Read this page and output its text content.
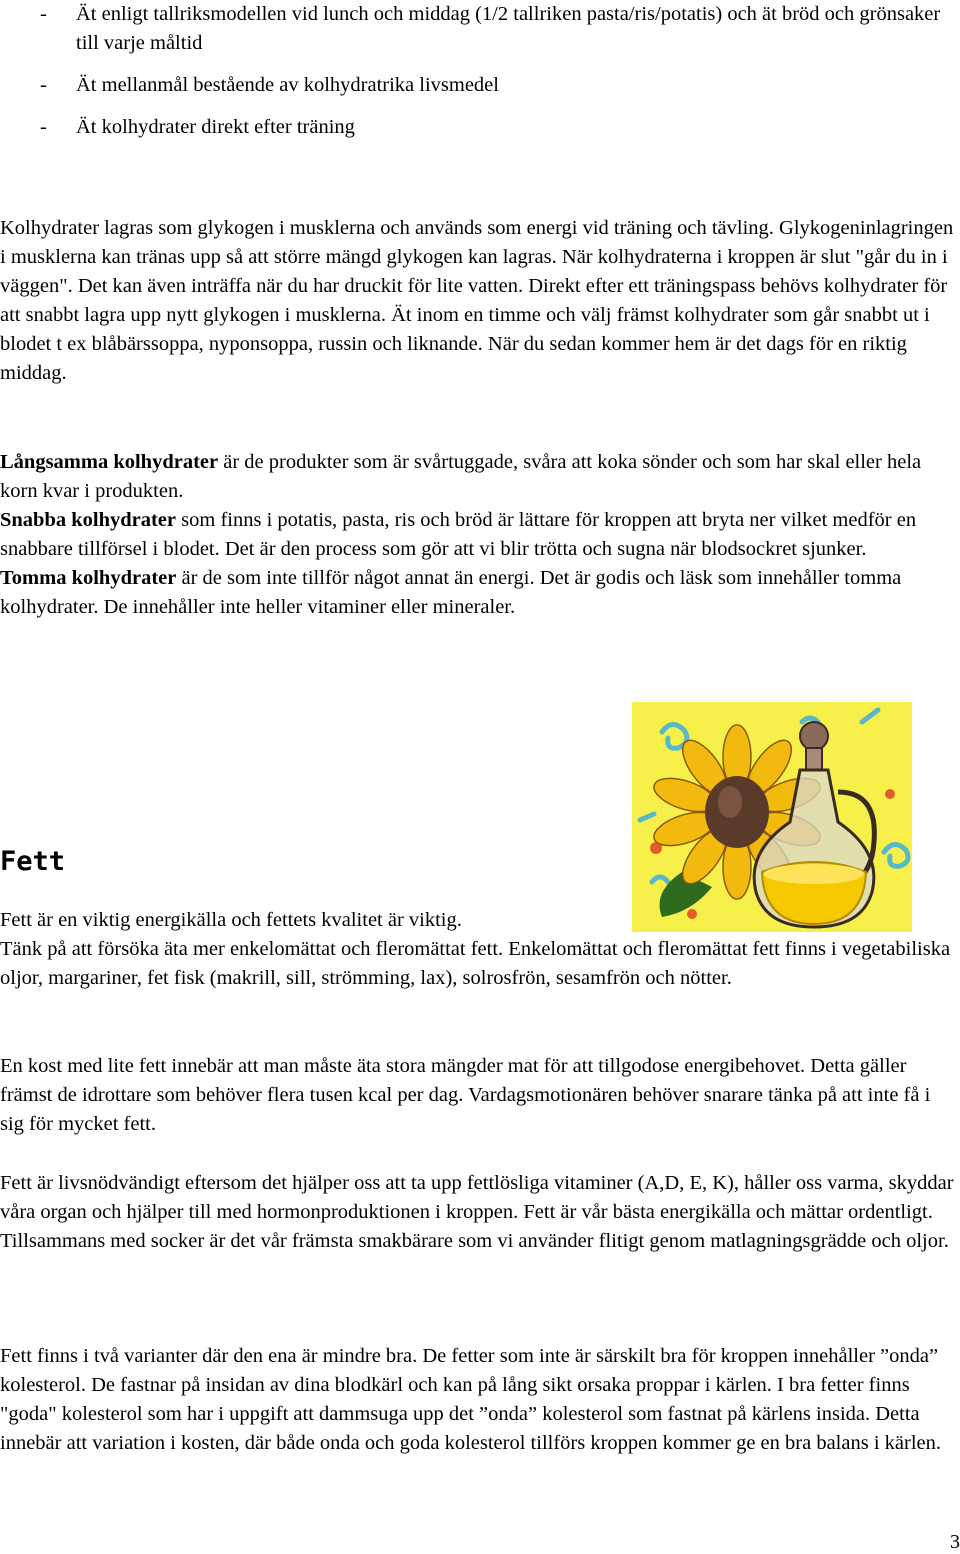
- Ät enligt tallriksmodellen vid lunch och middag (1/2 tallriken pasta/ris/potatis) och ät bröd och grönsaker till varje måltid
- Ät mellanmål bestående av kolhydratrika livsmedel
- Ät kolhydrater direkt efter träning

Kolhydrater lagras som glykogen i musklerna och används som energi vid träning och tävling. Glykogeninlagringen i musklerna kan tränas upp så att större mängd glykogen kan lagras. När kolhydraterna i kroppen är slut "går du in i väggen". Det kan även inträffa när du har druckit för lite vatten. Direkt efter ett träningspass behövs kolhydrater för att snabbt lagra upp nytt glykogen i musklerna. Ät inom en timme och välj främst kolhydrater som går snabbt ut i blodet t ex blåbärssoppa, nyponsoppa, russin och liknande. När du sedan kommer hem är det dags för en riktig middag.

Långsamma kolhydrater är de produkter som är svårtuggade, svåra att koka sönder och som har skal eller hela korn kvar i produkten.

Snabba kolhydrater som finns i potatis, pasta, ris och bröd är lättare för kroppen att bryta ner vilket medför en snabbare tillförsel i blodet. Det är den process som gör att vi blir trötta och sugna när blodsockret sjunker.

Tomma kolhydrater är de som inte tillför något annat än energi. Det är godis och läsk som innehåller tomma kolhydrater. De innehåller inte heller vitaminer eller mineraler.

Fett

Fett är en viktig energikälla och fettets kvalitet är viktig.

Tänk på att försöka äta mer enkelomättat och fleromättat fett. Enkelomättat och fleromättat fett finns i vegetabiliska oljor, margariner, fet fisk (makrill, sill, strömming, lax), solrosfrön, sesamfrön och nötter.

En kost med lite fett innebär att man måste äta stora mängder mat för att tillgodose energibehovet. Detta gäller främst de idrottare som behöver flera tusen kcal per dag. Vardagsmotionären behöver snarare tänka på att inte få i sig för mycket fett.

Fett är livsnödvändigt eftersom det hjälper oss att ta upp fettlösliga vitaminer (A,D, E, K), håller oss varma, skyddar våra organ och hjälper till med hormonproduktionen i kroppen. Fett är vår bästa energikälla och mättar ordentligt. Tillsammans med socker är det vår främsta smakbärare som vi använder flitigt genom matlagningsgrädde och oljor.

Fett finns i två varianter där den ena är mindre bra. De fetter som inte är särskilt bra för kroppen innehåller ”onda” kolesterol. De fastnar på insidan av dina blodkärl och kan på lång sikt orsaka proppar i kärlen. I bra fetter finns "goda" kolesterol som har i uppgift att dammsuga upp det ”onda” kolesterol som fastnat på kärlens insida. Detta innebär att variation i kosten, där både onda och goda kolesterol tillförs kroppen kommer ge en bra balans i kärlen.

3
